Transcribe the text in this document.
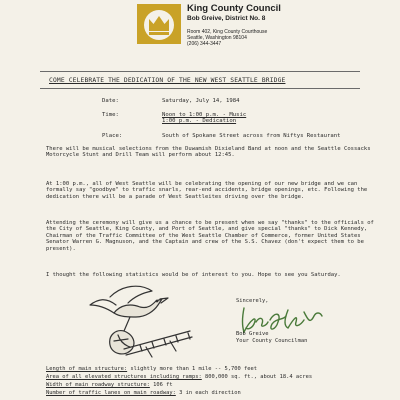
King County Council
Bob Greive, District No. 8
Room 402, King County Courthouse
Seattle, Washington 98104
(206) 344-3447
COME CELEBRATE THE DEDICATION OF THE NEW WEST SEATTLE BRIDGE
Date:	Saturday, July 14, 1984
Time:	Noon to 1:00 p.m. - Music
1:00 p.m. - Dedication
Place:	South of Spokane Street across from Niftys Restaurant
There will be musical selections from the Duwamish Dixieland Band at noon and the Seattle Cossacks Motorcycle Stunt and Drill Team will perform about 12:45.
At 1:00 p.m., all of West Seattle will be celebrating the opening of our new bridge and we can formally say "goodbye" to traffic snarls, rear-end accidents, bridge openings, etc. Following the dedication there will be a parade of West Seattleites driving over the bridge.
Attending the ceremony will give us a chance to be present when we say "thanks" to the officials of the City of Seattle, King County, and Port of Seattle, and give special "thanks" to Dick Kennedy, Chairman of the Traffic Committee of the West Seattle Chamber of Commerce, former United States Senator Warren G. Magnuson, and the Captain and crew of the S.S. Chavez (don't expect them to be present).
I thought the following statistics would be of interest to you. Hope to see you Saturday.
Sincerely,
Bob Greive
Your County Councilman
Length of main structure: slightly more than 1 mile -- 5,700 feet
Area of all elevated structures including ramps: 800,000 sq. ft., about 18.4 acres
Width of main roadway structure: 106 ft
Number of traffic lanes on main roadway: 3 in each direction
